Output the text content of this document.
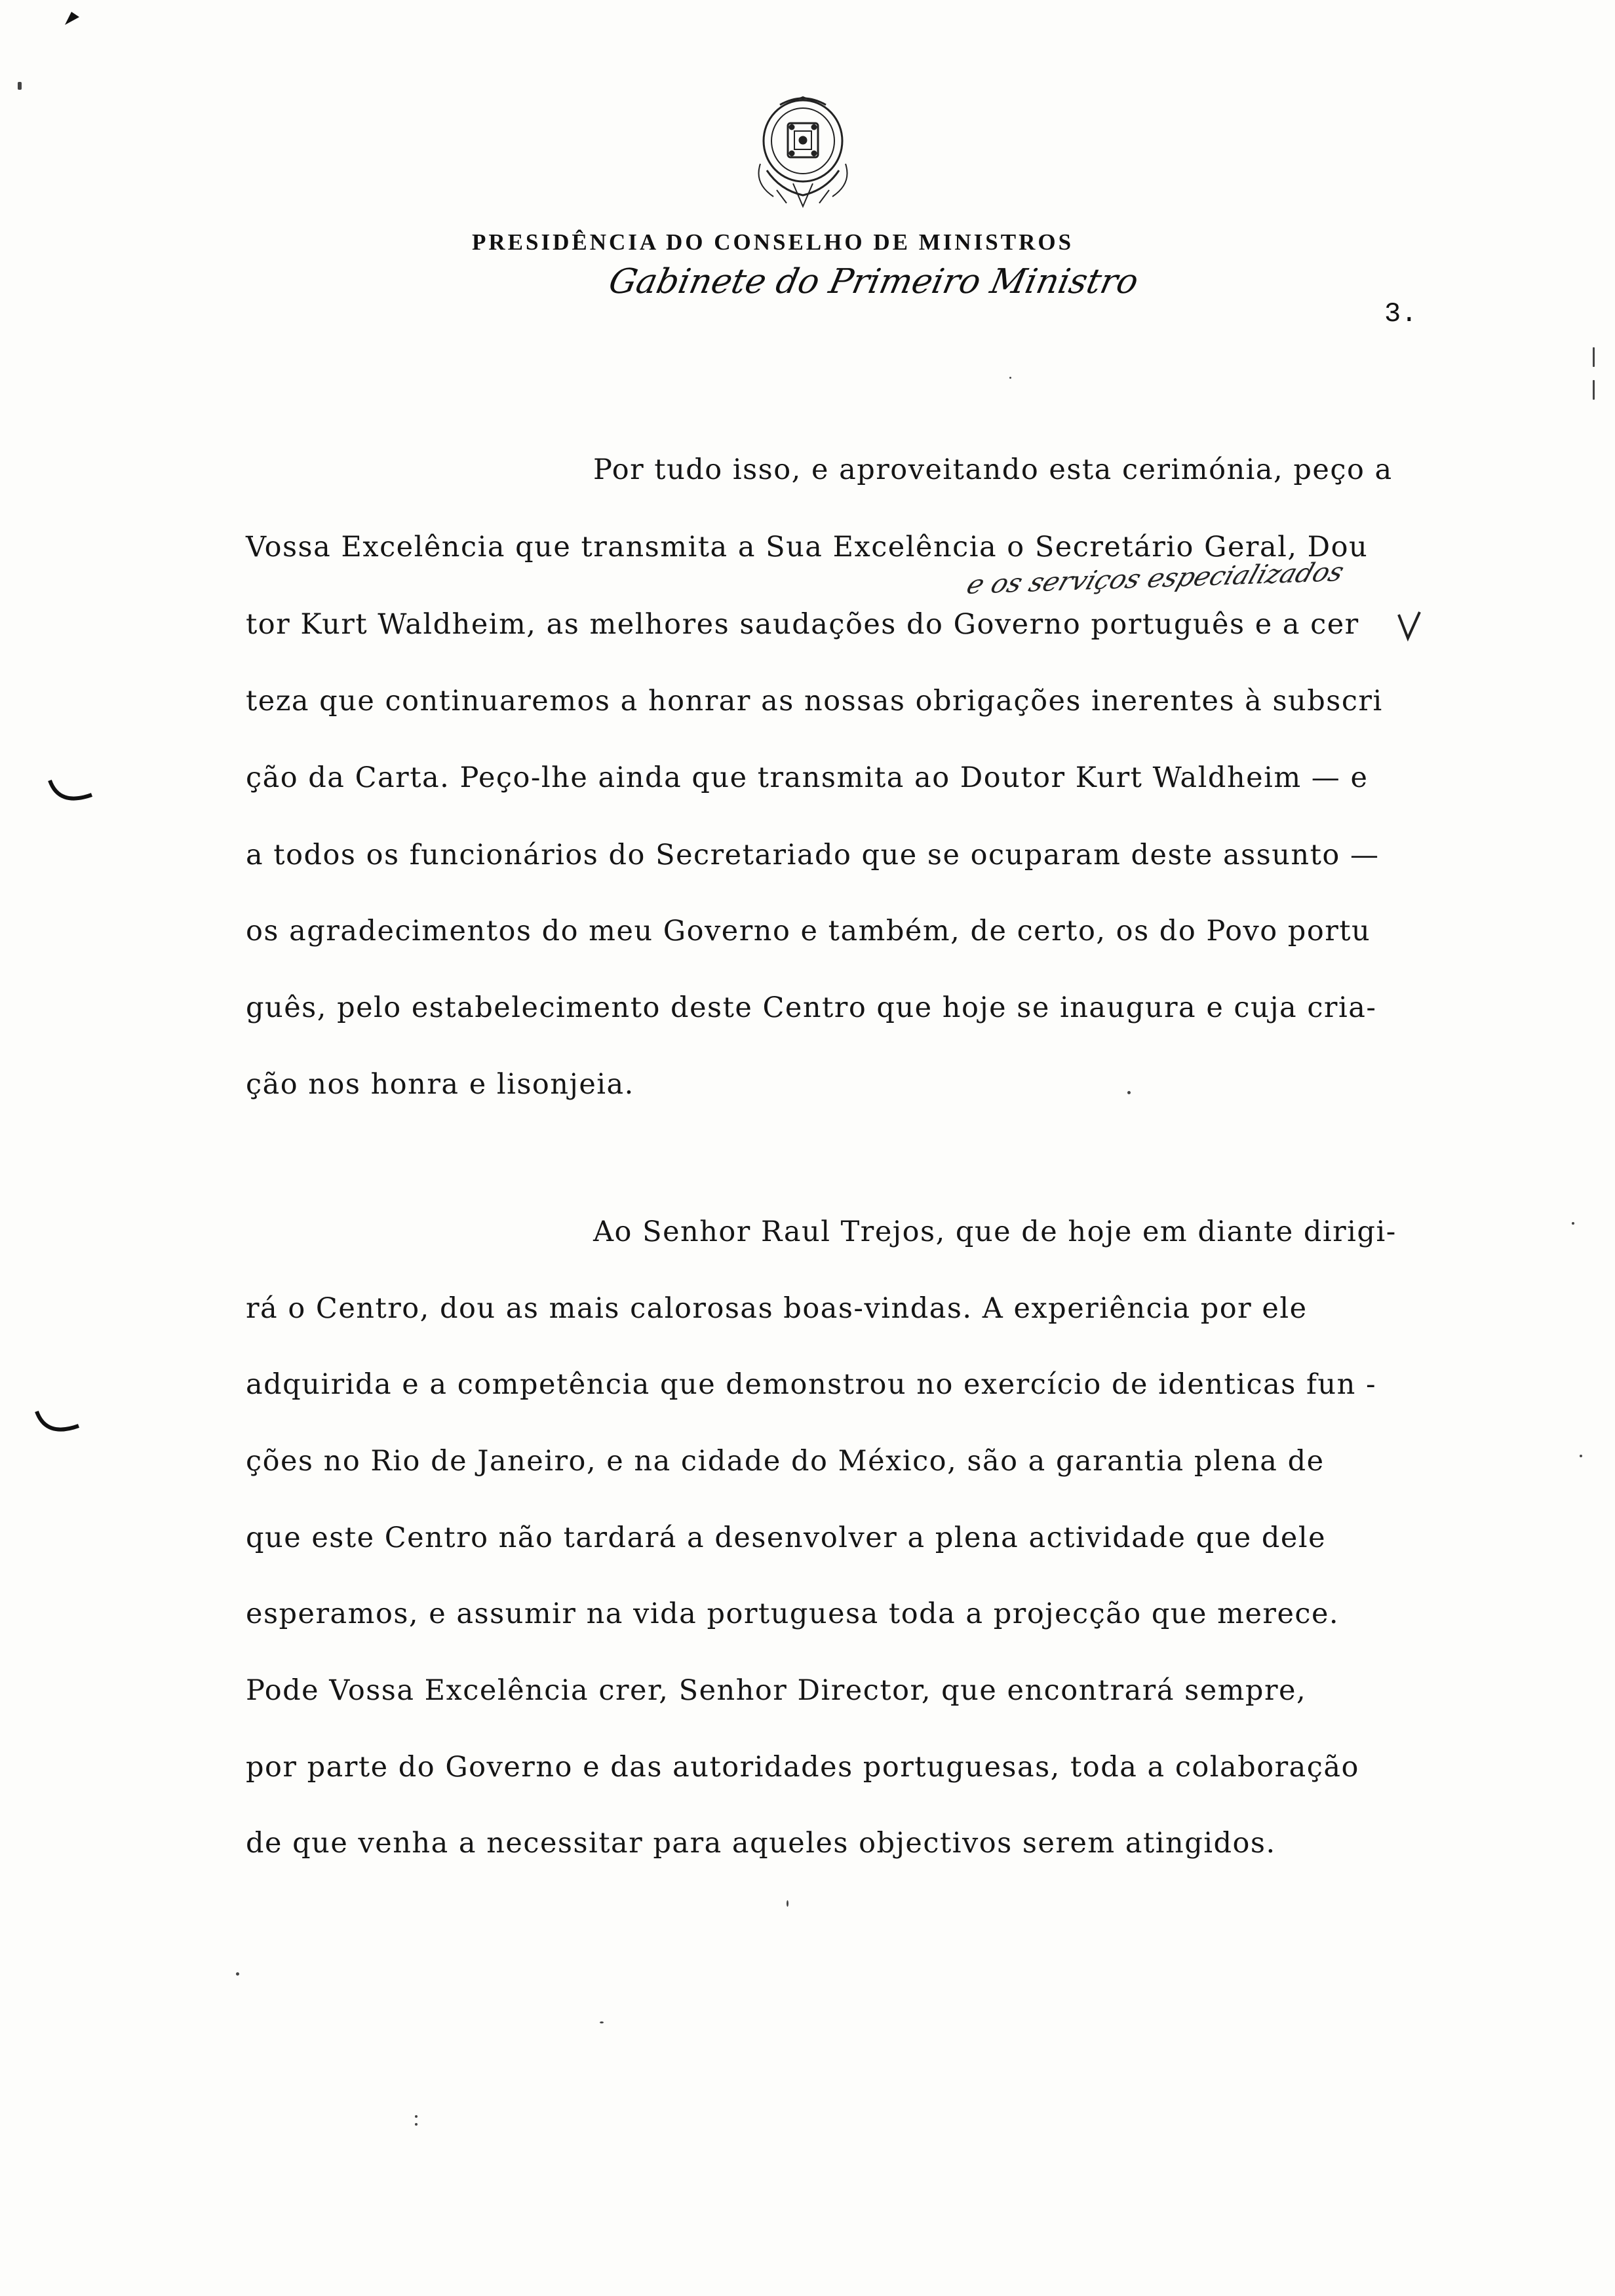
PRESIDÊNCIA DO CONSELHO DE MINISTROS
Gabinete do Primeiro Ministro
3.
Por tudo isso, e aproveitando esta cerimónia, peço a
Vossa Excelência que transmita a Sua Excelência o Secretário Geral, Dou
tor Kurt Waldheim, as melhores saudações do Governo português e a cer
teza que continuaremos a honrar as nossas obrigações inerentes à subscri
ção da Carta. Peço-lhe ainda que transmita ao Doutor Kurt Waldheim — e
a todos os funcionários do Secretariado que se ocuparam deste assunto —
os agradecimentos do meu Governo e também, de certo, os do Povo portu
guês, pelo estabelecimento deste Centro que hoje se inaugura e cuja cria-
ção nos honra e lisonjeia.
e os serviços especializados
Ao Senhor Raul Trejos, que de hoje em diante dirigi-
rá o Centro, dou as mais calorosas boas-vindas. A experiência por ele
adquirida e a competência que demonstrou no exercício de identicas fun -
ções no Rio de Janeiro, e na cidade do México, são a garantia plena de
que este Centro não tardará a desenvolver a plena actividade que dele
esperamos, e assumir na vida portuguesa toda a projecção que merece.
Pode Vossa Excelência crer, Senhor Director, que encontrará sempre,
por parte do Governo e das autoridades portuguesas, toda a colaboração
de que venha a necessitar para aqueles objectivos serem atingidos.
